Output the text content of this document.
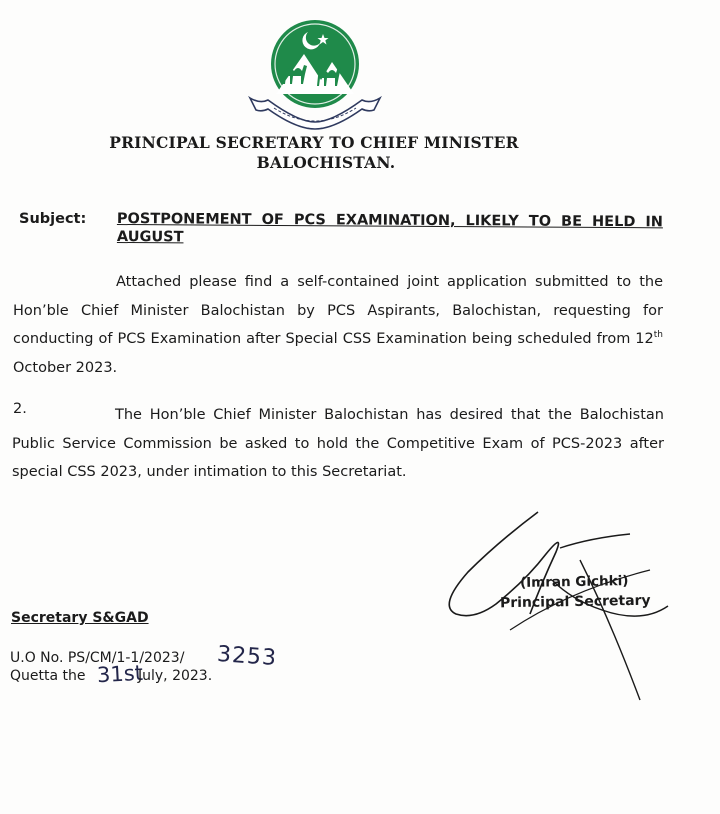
PRINCIPAL SECRETARY TO CHIEF MINISTER
BALOCHISTAN.
Subject: POSTPONEMENT OF PCS EXAMINATION, LIKELY TO BE HELD IN
AUGUST
Attached please find a self-contained joint application submitted to the Hon’ble Chief Minister Balochistan by PCS Aspirants, Balochistan, requesting for conducting of PCS Examination after Special CSS Examination being scheduled from 12th October 2023.
2.	The Hon’ble Chief Minister Balochistan has desired that the Balochistan Public Service Commission be asked to hold the Competitive Exam of PCS-2023 after special CSS 2023, under intimation to this Secretariat.
(Imran Gichki)
Principal Secretary
Secretary S&GAD
U.O No. PS/CM/1-1/2023/ 3253
Quetta the 31st
July, 2023.
